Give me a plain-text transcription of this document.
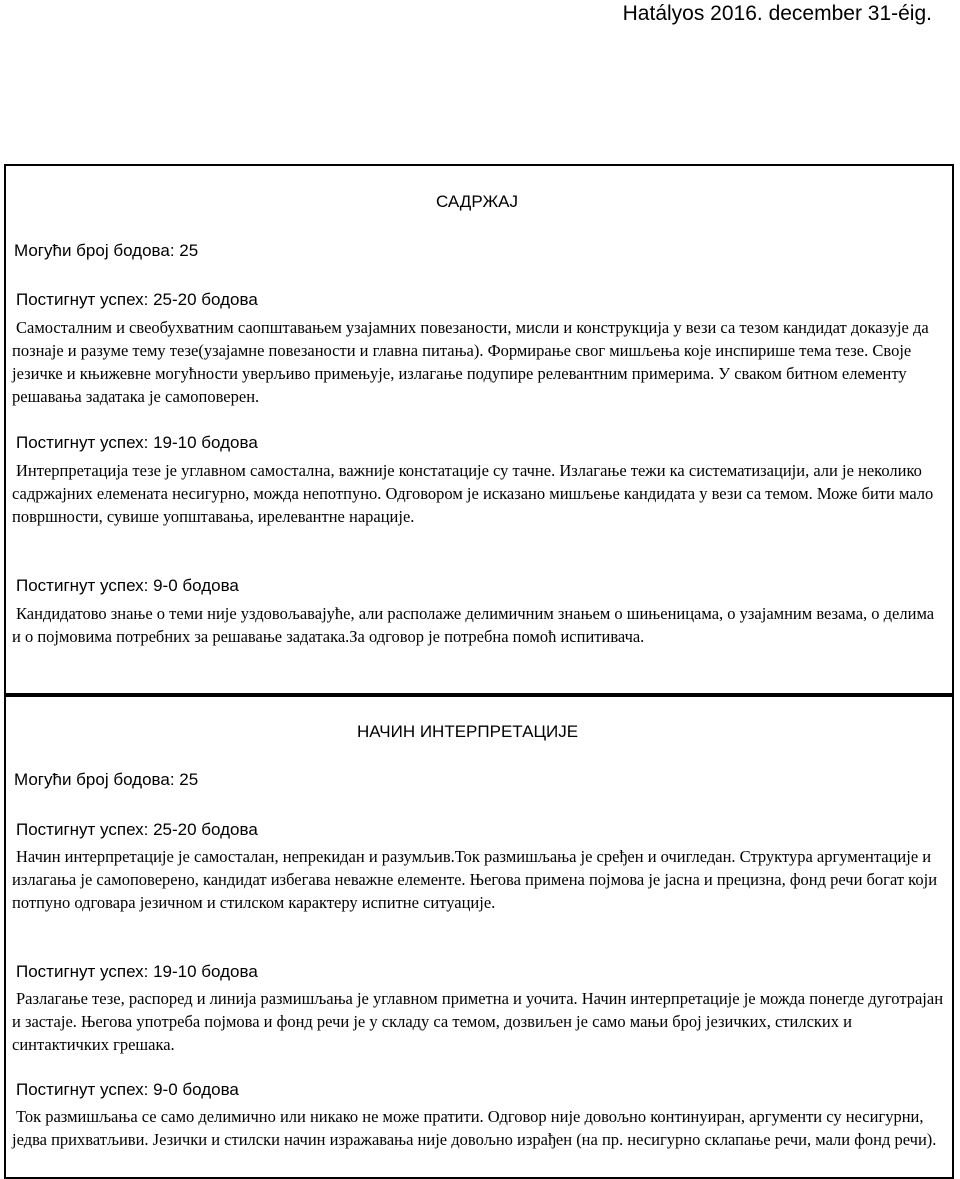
Hatályos 2016. december 31-éig.
САДРЖАЈ
Могући број бодова: 25
Постигнут успех: 25-20 бодова

Самосталним и свеобухватним саопштавањем узајамних повезаности, мисли и конструкција у вези са тезом кандидат доказује да познаје и разуме тему тезе(узајамне повезаности и главна питања). Формирање свог мишљења које инспирише тема тезе. Своје језичке и књижевне могућности уверљиво примењује, излагање подупире релевантним примерима. У сваком битном елементу решавања задатака је самоповерен.

Постигнут успех: 19-10 бодова

Интерпретација тезе је углавном самостална, важније констатације су тачне. Излагање тежи ка систематизацији, али је неколико садржајних елемената несигурно, можда непотпуно. Одговором је исказано мишљење кандидата у вези са темом. Може бити мало површности, сувише уопштавања, ирелевантне нарације.

Постигнут успех: 9-0 бодова

Кандидатово знање о теми није уздовољавајуће, али располаже делимичним знањем о шињеницама, о узајамним везама, о делима и о појмовима потребних за решавање задатака.За одговор је потребна помоћ испитивача.

НАЧИН ИНТЕРПРЕТАЦИЈЕ
Могући број бодова: 25
Постигнут успех: 25-20 бодова

Начин интерпретације је самосталан, непрекидан и разумљив.Ток размишљања је сређен и очигледан. Структура аргументације и излагања је самоповерено, кандидат избегава неважне елементе. Његова примена појмова је јасна и прецизна, фонд речи богат који потпуно одговара језичном и стилском карактеру испитне ситуације.

Постигнут успех: 19-10 бодова

Разлагање тезе, распоред и линија размишљања је углавном приметна и уочита. Начин интерпретације је можда понегде дуготрајан и застаје. Његова употреба појмова и фонд речи је у складу са темом, дозвиљен је само мањи број језичких, стилских и синтактичких грешака.

Постигнут успех: 9-0 бодова

Ток размишљања се само делимично или никако не може пратити. Одговор није довољно континуиран, аргументи су несигурни, једва прихватљиви. Језички и стилски начин изражавања није довољно израђен (на пр. несигурно склапање речи, мали фонд речи).
